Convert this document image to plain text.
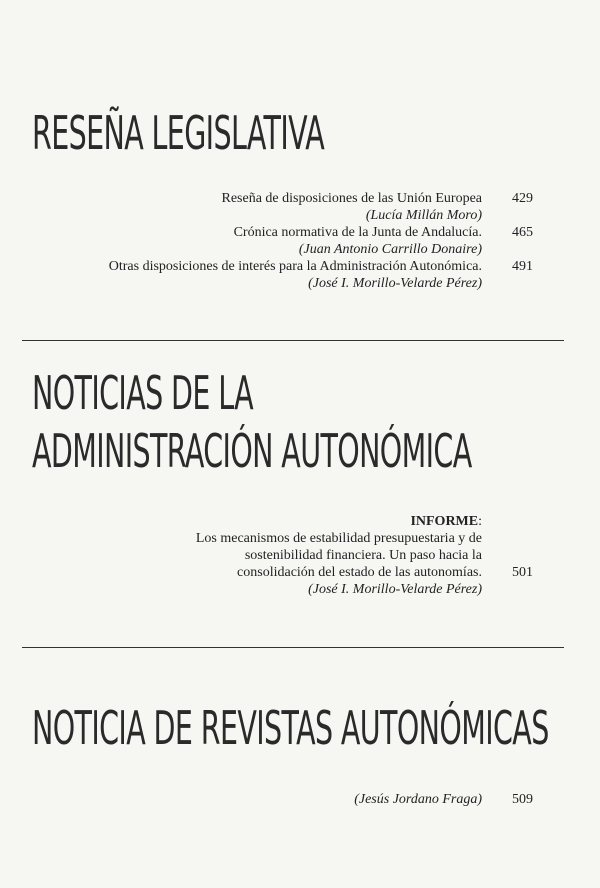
RESEÑA LEGISLATIVA
Reseña de disposiciones de las Unión Europea
(Lucía Millán Moro)
429
Crónica normativa de la Junta de Andalucía.
(Juan Antonio Carrillo Donaire)
465
Otras disposiciones de interés para la Administración Autonómica.
(José I. Morillo-Velarde Pérez)
491
NOTICIAS DE LA
ADMINISTRACIÓN AUTONÓMICA
INFORME:
Los mecanismos de estabilidad presupuestaria y de
sostenibilidad financiera. Un paso hacia la
consolidación del estado de las autonomías.
(José I. Morillo-Velarde Pérez)
501
NOTICIA DE REVISTAS AUTONÓMICAS
(Jesús Jordano Fraga) 509
